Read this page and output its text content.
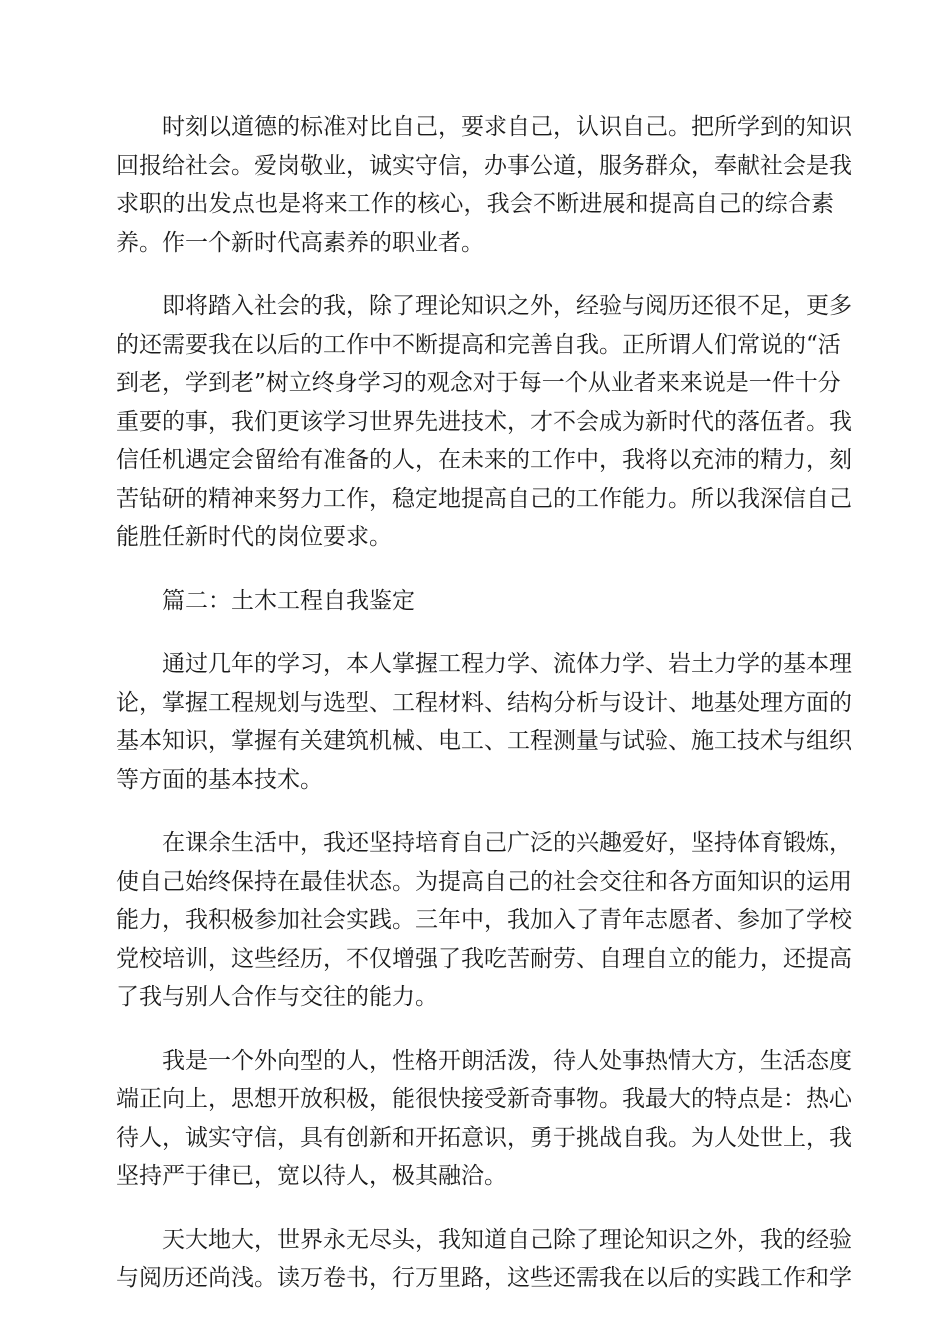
时刻以道德的标准对比自己，要求自己，认识自己。把所学到的知识
回报给社会。爱岗敬业，诚实守信，办事公道，服务群众，奉献社会是我
求职的出发点也是将来工作的核心，我会不断进展和提高自己的综合素
养。作一个新时代高素养的职业者。

即将踏入社会的我，除了理论知识之外，经验与阅历还很不足，更多
的还需要我在以后的工作中不断提高和完善自我。正所谓人们常说的“活
到老，学到老”树立终身学习的观念对于每一个从业者来来说是一件十分
重要的事，我们更该学习世界先进技术，才不会成为新时代的落伍者。我
信任机遇定会留给有准备的人，在未来的工作中，我将以充沛的精力，刻
苦钻研的精神来努力工作，稳定地提高自己的工作能力。所以我深信自己
能胜任新时代的岗位要求。

篇二：土木工程自我鉴定

通过几年的学习，本人掌握工程力学、流体力学、岩土力学的基本理
论，掌握工程规划与选型、工程材料、结构分析与设计、地基处理方面的
基本知识，掌握有关建筑机械、电工、工程测量与试验、施工技术与组织
等方面的基本技术。

在课余生活中，我还坚持培育自己广泛的兴趣爱好，坚持体育锻炼，
使自己始终保持在最佳状态。为提高自己的社会交往和各方面知识的运用
能力，我积极参加社会实践。三年中，我加入了青年志愿者、参加了学校
党校培训，这些经历，不仅增强了我吃苦耐劳、自理自立的能力，还提高
了我与别人合作与交往的能力。

我是一个外向型的人，性格开朗活泼，待人处事热情大方，生活态度
端正向上，思想开放积极，能很快接受新奇事物。我最大的特点是：热心
待人，诚实守信，具有创新和开拓意识，勇于挑战自我。为人处世上，我
坚持严于律已，宽以待人，极其融洽。

天大地大，世界永无尽头，我知道自己除了理论知识之外，我的经验
与阅历还尚浅。读万卷书，行万里路，这些还需我在以后的实践工作和学
